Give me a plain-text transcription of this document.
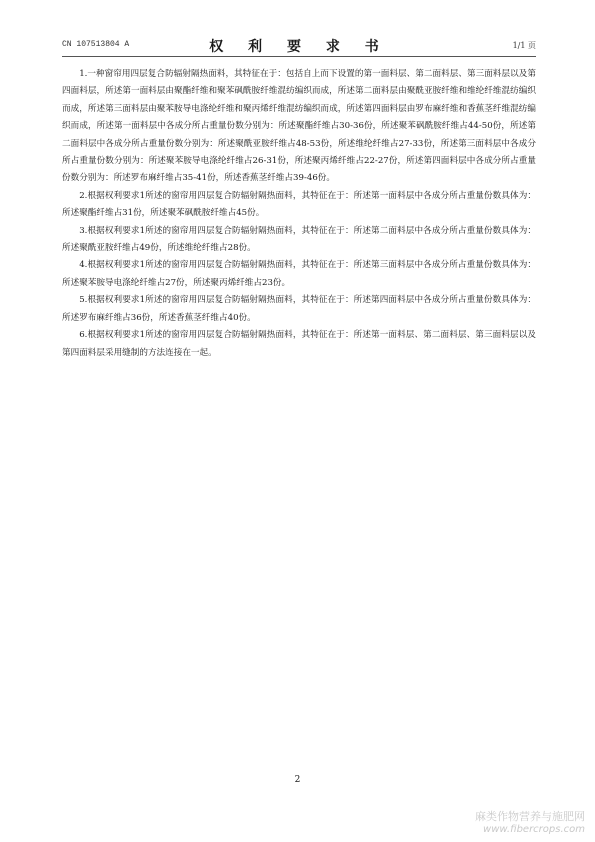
CN 107513804 A	权 利 要 求 书	1/1 页

1.一种窗帘用四层复合防辐射隔热面料，其特征在于：包括自上而下设置的第一面料层、第二面料层、第三面料层以及第四面料层，所述第一面料层由聚酯纤维和聚苯砜酰胺纤维混纺编织而成，所述第二面料层由聚酰亚胺纤维和维纶纤维混纺编织而成，所述第三面料层由聚苯胺导电涤纶纤维和聚丙烯纤维混纺编织而成，所述第四面料层由罗布麻纤维和香蕉茎纤维混纺编织而成，所述第一面料层中各成分所占重量份数分别为：所述聚酯纤维占30-36份，所述聚苯砜酰胺纤维占44-50份，所述第二面料层中各成分所占重量份数分别为：所述聚酰亚胺纤维占48-53份，所述维纶纤维占27-33份，所述第三面料层中各成分所占重量份数分别为：所述聚苯胺导电涤纶纤维占26-31份，所述聚丙烯纤维占22-27份，所述第四面料层中各成分所占重量份数分别为：所述罗布麻纤维占35-41份，所述香蕉茎纤维占39-46份。

2.根据权利要求1所述的窗帘用四层复合防辐射隔热面料，其特征在于：所述第一面料层中各成分所占重量份数具体为：所述聚酯纤维占31份，所述聚苯砜酰胺纤维占45份。

3.根据权利要求1所述的窗帘用四层复合防辐射隔热面料，其特征在于：所述第二面料层中各成分所占重量份数具体为：所述聚酰亚胺纤维占49份，所述维纶纤维占28份。

4.根据权利要求1所述的窗帘用四层复合防辐射隔热面料，其特征在于：所述第三面料层中各成分所占重量份数具体为：所述聚苯胺导电涤纶纤维占27份，所述聚丙烯纤维占23份。

5.根据权利要求1所述的窗帘用四层复合防辐射隔热面料，其特征在于：所述第四面料层中各成分所占重量份数具体为：所述罗布麻纤维占36份，所述香蕉茎纤维占40份。

6.根据权利要求1所述的窗帘用四层复合防辐射隔热面料，其特征在于：所述第一面料层、第二面料层、第三面料层以及第四面料层采用缝制的方法连接在一起。

2
麻类作物营养与施肥网
www.fibercrops.com
